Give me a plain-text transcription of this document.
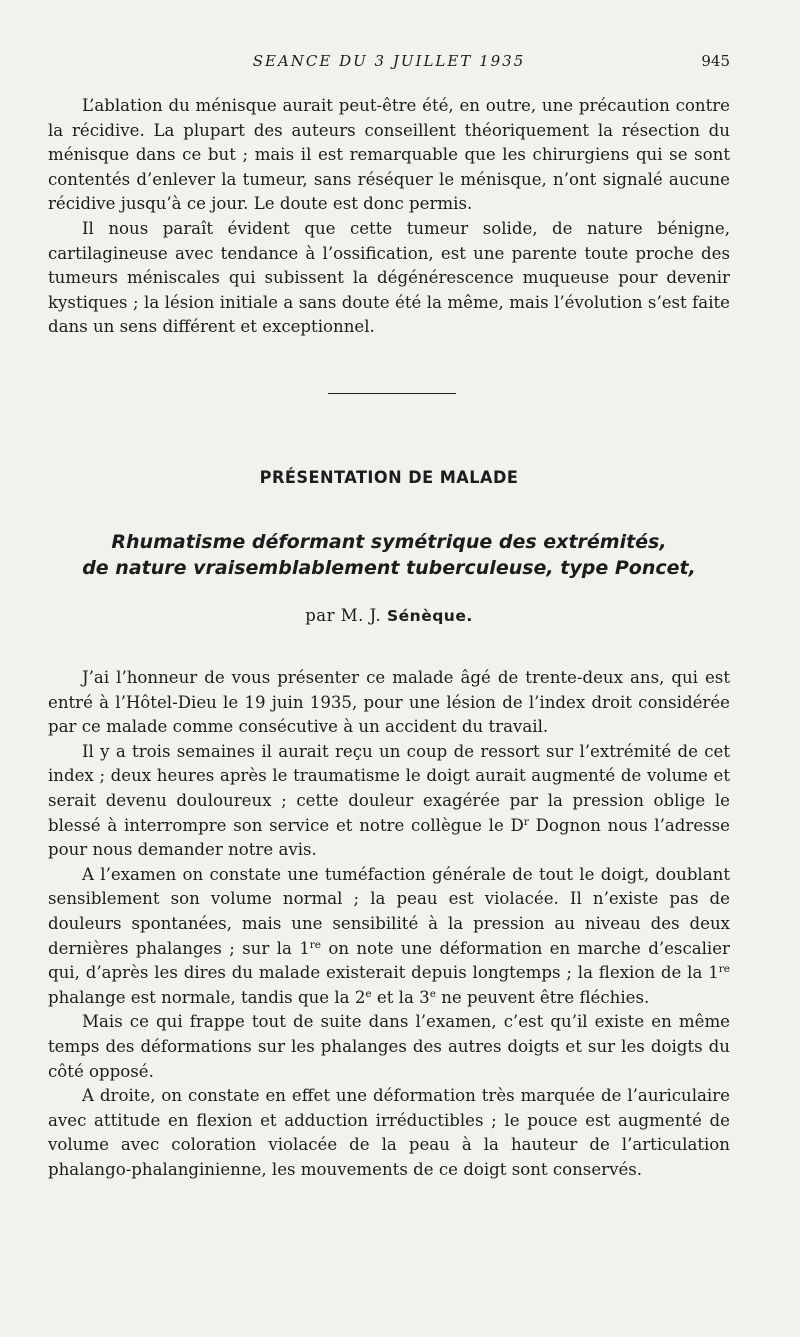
SEANCE DU 3 JUILLET 1935	945

L’ablation du ménisque aurait peut-être été, en outre, une précaution contre la récidive. La plupart des auteurs conseillent théoriquement la résection du ménisque dans ce but ; mais il est remarquable que les chirurgiens qui se sont contentés d’enlever la tumeur, sans réséquer le ménisque, n’ont signalé aucune récidive jusqu’à ce jour. Le doute est donc permis.

Il nous paraît évident que cette tumeur solide, de nature bénigne, cartilagineuse avec tendance à l’ossification, est une parente toute proche des tumeurs méniscales qui subissent la dégénérescence muqueuse pour devenir kystiques ; la lésion initiale a sans doute été la même, mais l’évolution s’est faite dans un sens différent et exceptionnel.

PRÉSENTATION DE MALADE
Rhumatisme déformant symétrique des extrémités,
de nature vraisemblablement tuberculeuse, type Poncet,
par M. J. Sénèque.

J’ai l’honneur de vous présenter ce malade âgé de trente-deux ans, qui est entré à l’Hôtel-Dieu le 19 juin 1935, pour une lésion de l’index droit considérée par ce malade comme consécutive à un accident du travail.

Il y a trois semaines il aurait reçu un coup de ressort sur l’extrémité de cet index ; deux heures après le traumatisme le doigt aurait augmenté de volume et serait devenu douloureux ; cette douleur exagérée par la pression oblige le blessé à interrompre son service et notre collègue le $D^r$ Dognon nous l’adresse pour nous demander notre avis.

A l’examen on constate une tuméfaction générale de tout le doigt, doublant sensiblement son volume normal ; la peau est violacée. Il n’existe pas de douleurs spontanées, mais une sensibilité à la pression au niveau des deux dernières phalanges ; sur la 1re on note une déformation en marche d’escalier qui, d’après les dires du malade existerait depuis longtemps ; la flexion de la 1re phalange est normale, tandis que la 2e et la 3e ne peuvent être fléchies.

Mais ce qui frappe tout de suite dans l’examen, c’est qu’il existe en même temps des déformations sur les phalanges des autres doigts et sur les doigts du côté opposé.

A droite, on constate en effet une déformation très marquée de l’auriculaire avec attitude en flexion et adduction irréductibles ; le pouce est augmenté de volume avec coloration violacée de la peau à la hauteur de l’articulation phalango-phalanginienne, les mouvements de ce doigt sont conservés.
